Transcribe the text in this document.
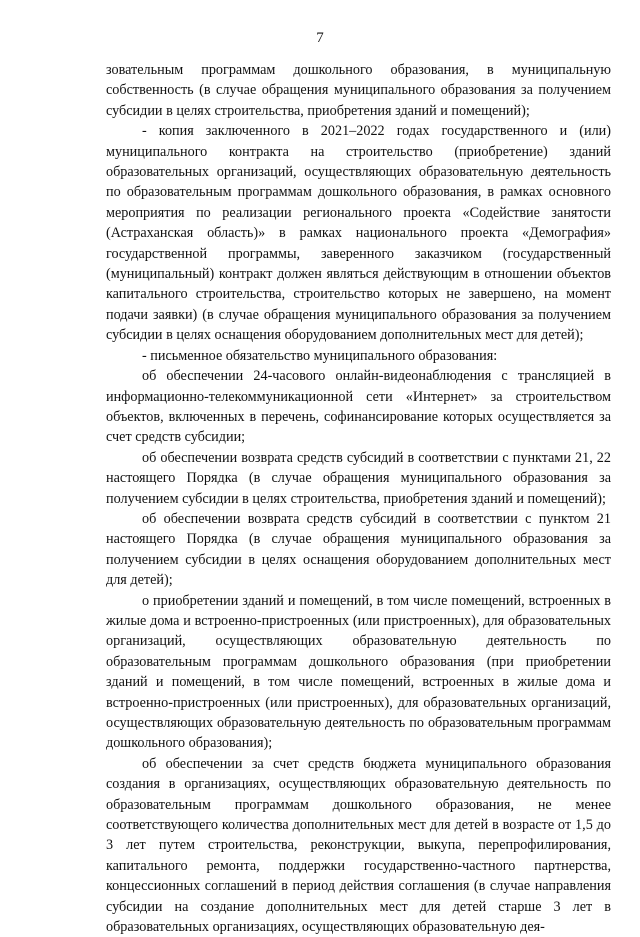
7

зовательным программам дошкольного образования, в муниципальную собственность (в случае обращения муниципального образования за получением субсидии в целях строительства, приобретения зданий и помещений);

- копия заключенного в 2021–2022 годах государственного и (или) муниципального контракта на строительство (приобретение) зданий образовательных организаций, осуществляющих образовательную деятельность по образовательным программам дошкольного образования, в рамках основного мероприятия по реализации регионального проекта «Содействие занятости (Астраханская область)» в рамках национального проекта «Демография» государственной программы, заверенного заказчиком (государственный (муниципальный) контракт должен являться действующим в отношении объектов капитального строительства, строительство которых не завершено, на момент подачи заявки) (в случае обращения муниципального образования за получением субсидии в целях оснащения оборудованием дополнительных мест для детей);

- письменное обязательство муниципального образования:

об обеспечении 24-часового онлайн-видеонаблюдения с трансляцией в информационно-телекоммуникационной сети «Интернет» за строительством объектов, включенных в перечень, софинансирование которых осуществляется за счет средств субсидии;

об обеспечении возврата средств субсидий в соответствии с пунктами 21, 22 настоящего Порядка (в случае обращения муниципального образования за получением субсидии в целях строительства, приобретения зданий и помещений);

об обеспечении возврата средств субсидий в соответствии с пунктом 21 настоящего Порядка (в случае обращения муниципального образования за получением субсидии в целях оснащения оборудованием дополнительных мест для детей);

о приобретении зданий и помещений, в том числе помещений, встроенных в жилые дома и встроенно-пристроенных (или пристроенных), для образовательных организаций, осуществляющих образовательную деятельность по образовательным программам дошкольного образования (при приобретении зданий и помещений, в том числе помещений, встроенных в жилые дома и встроенно-пристроенных (или пристроенных), для образовательных организаций, осуществляющих образовательную деятельность по образовательным программам дошкольного образования);

об обеспечении за счет средств бюджета муниципального образования создания в организациях, осуществляющих образовательную деятельность по образовательным программам дошкольного образования, не менее соответствующего количества дополнительных мест для детей в возрасте от 1,5 до 3 лет путем строительства, реконструкции, выкупа, перепрофилирования, капитального ремонта, поддержки государственно-частного партнерства, концессионных соглашений в период действия соглашения (в случае направления субсидии на создание дополнительных мест для детей старше 3 лет в образовательных организациях, осуществляющих образовательную дея-
